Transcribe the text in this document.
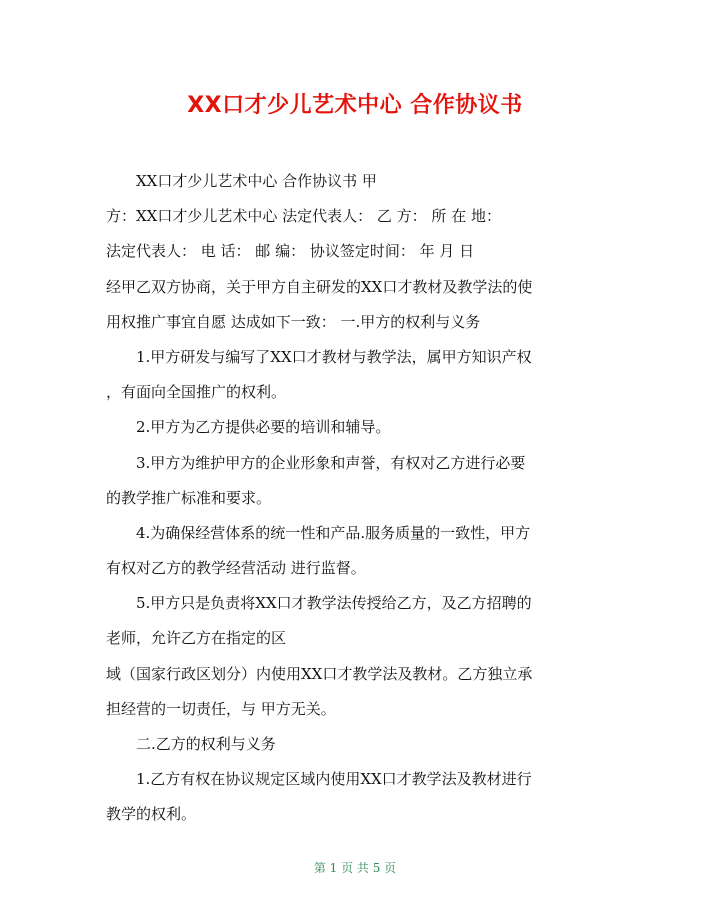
XX口才少儿艺术中心 合作协议书
XX口才少儿艺术中心 合作协议书 甲
方：XX口才少儿艺术中心 法定代表人： 乙 方： 所 在 地：
法定代表人： 电 话： 邮 编： 协议签定时间： 年 月 日
经甲乙双方协商，关于甲方自主研发的XX口才教材及教学法的使
用权推广事宜自愿 达成如下一致： 一.甲方的权利与义务
1.甲方研发与编写了XX口才教材与教学法，属甲方知识产权
，有面向全国推广的权利。
2.甲方为乙方提供必要的培训和辅导。
3.甲方为维护甲方的企业形象和声誉，有权对乙方进行必要
的教学推广标准和要求。
4.为确保经营体系的统一性和产品.服务质量的一致性，甲方
有权对乙方的教学经营活动 进行监督。
5.甲方只是负责将XX口才教学法传授给乙方，及乙方招聘的
老师，允许乙方在指定的区
域（国家行政区划分）内使用XX口才教学法及教材。乙方独立承
担经营的一切责任，与 甲方无关。
二.乙方的权利与义务
1.乙方有权在协议规定区域内使用XX口才教学法及教材进行
教学的权利。
第 1 页 共 5 页
